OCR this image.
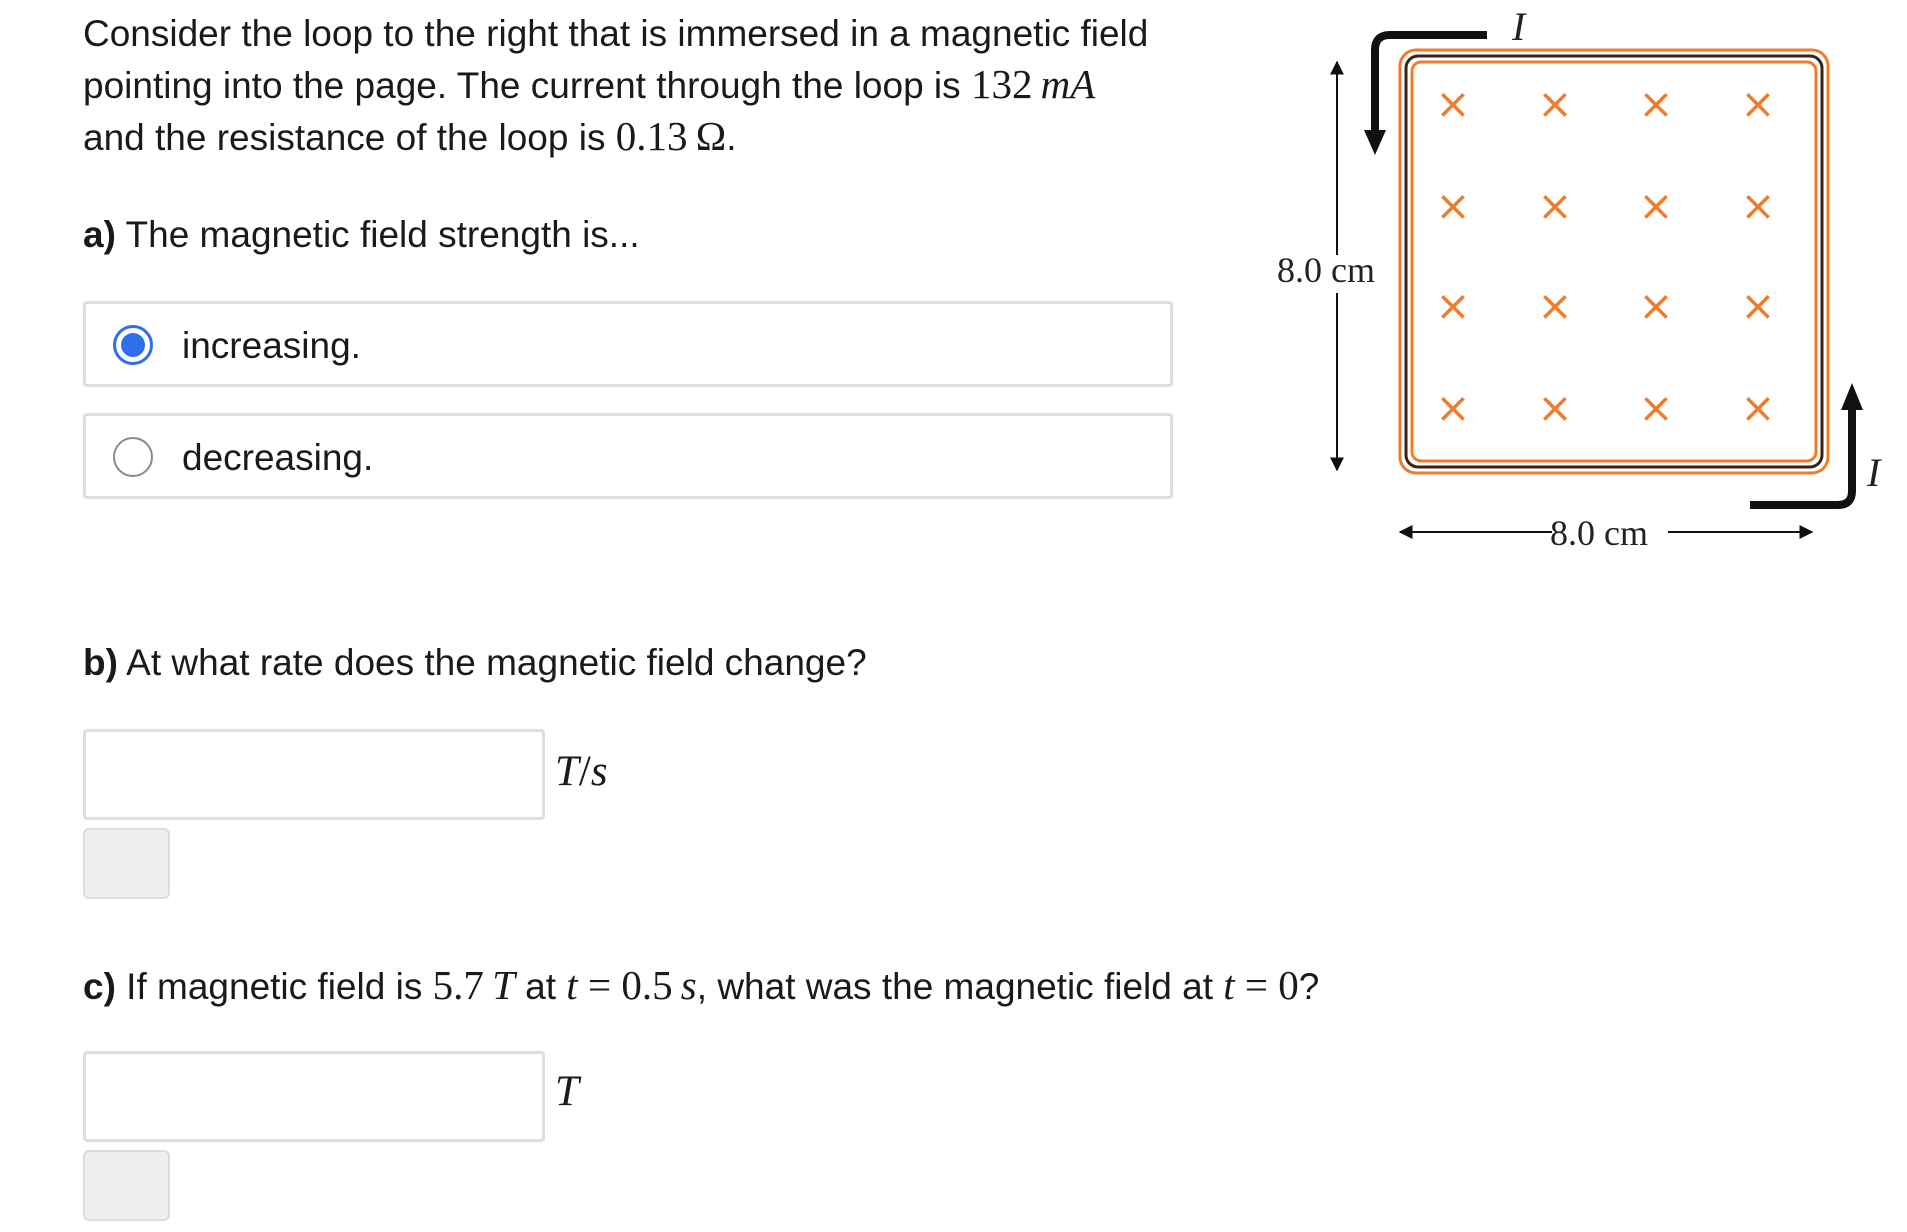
Consider the loop to the right that is immersed in a magnetic field pointing into the page. The current through the loop is 132  mA and the resistance of the loop is 0.13  Ω.
a) The magnetic field strength is...
increasing.
decreasing.
b) At what rate does the magnetic field change?
T/s
c) If magnetic field is 5.7  T at t = 0.5  s, what was the magnetic field at t = 0?
T
× × × ×
× × × ×
× × × ×
× × × ×
I
I
8.0 cm
8.0 cm
